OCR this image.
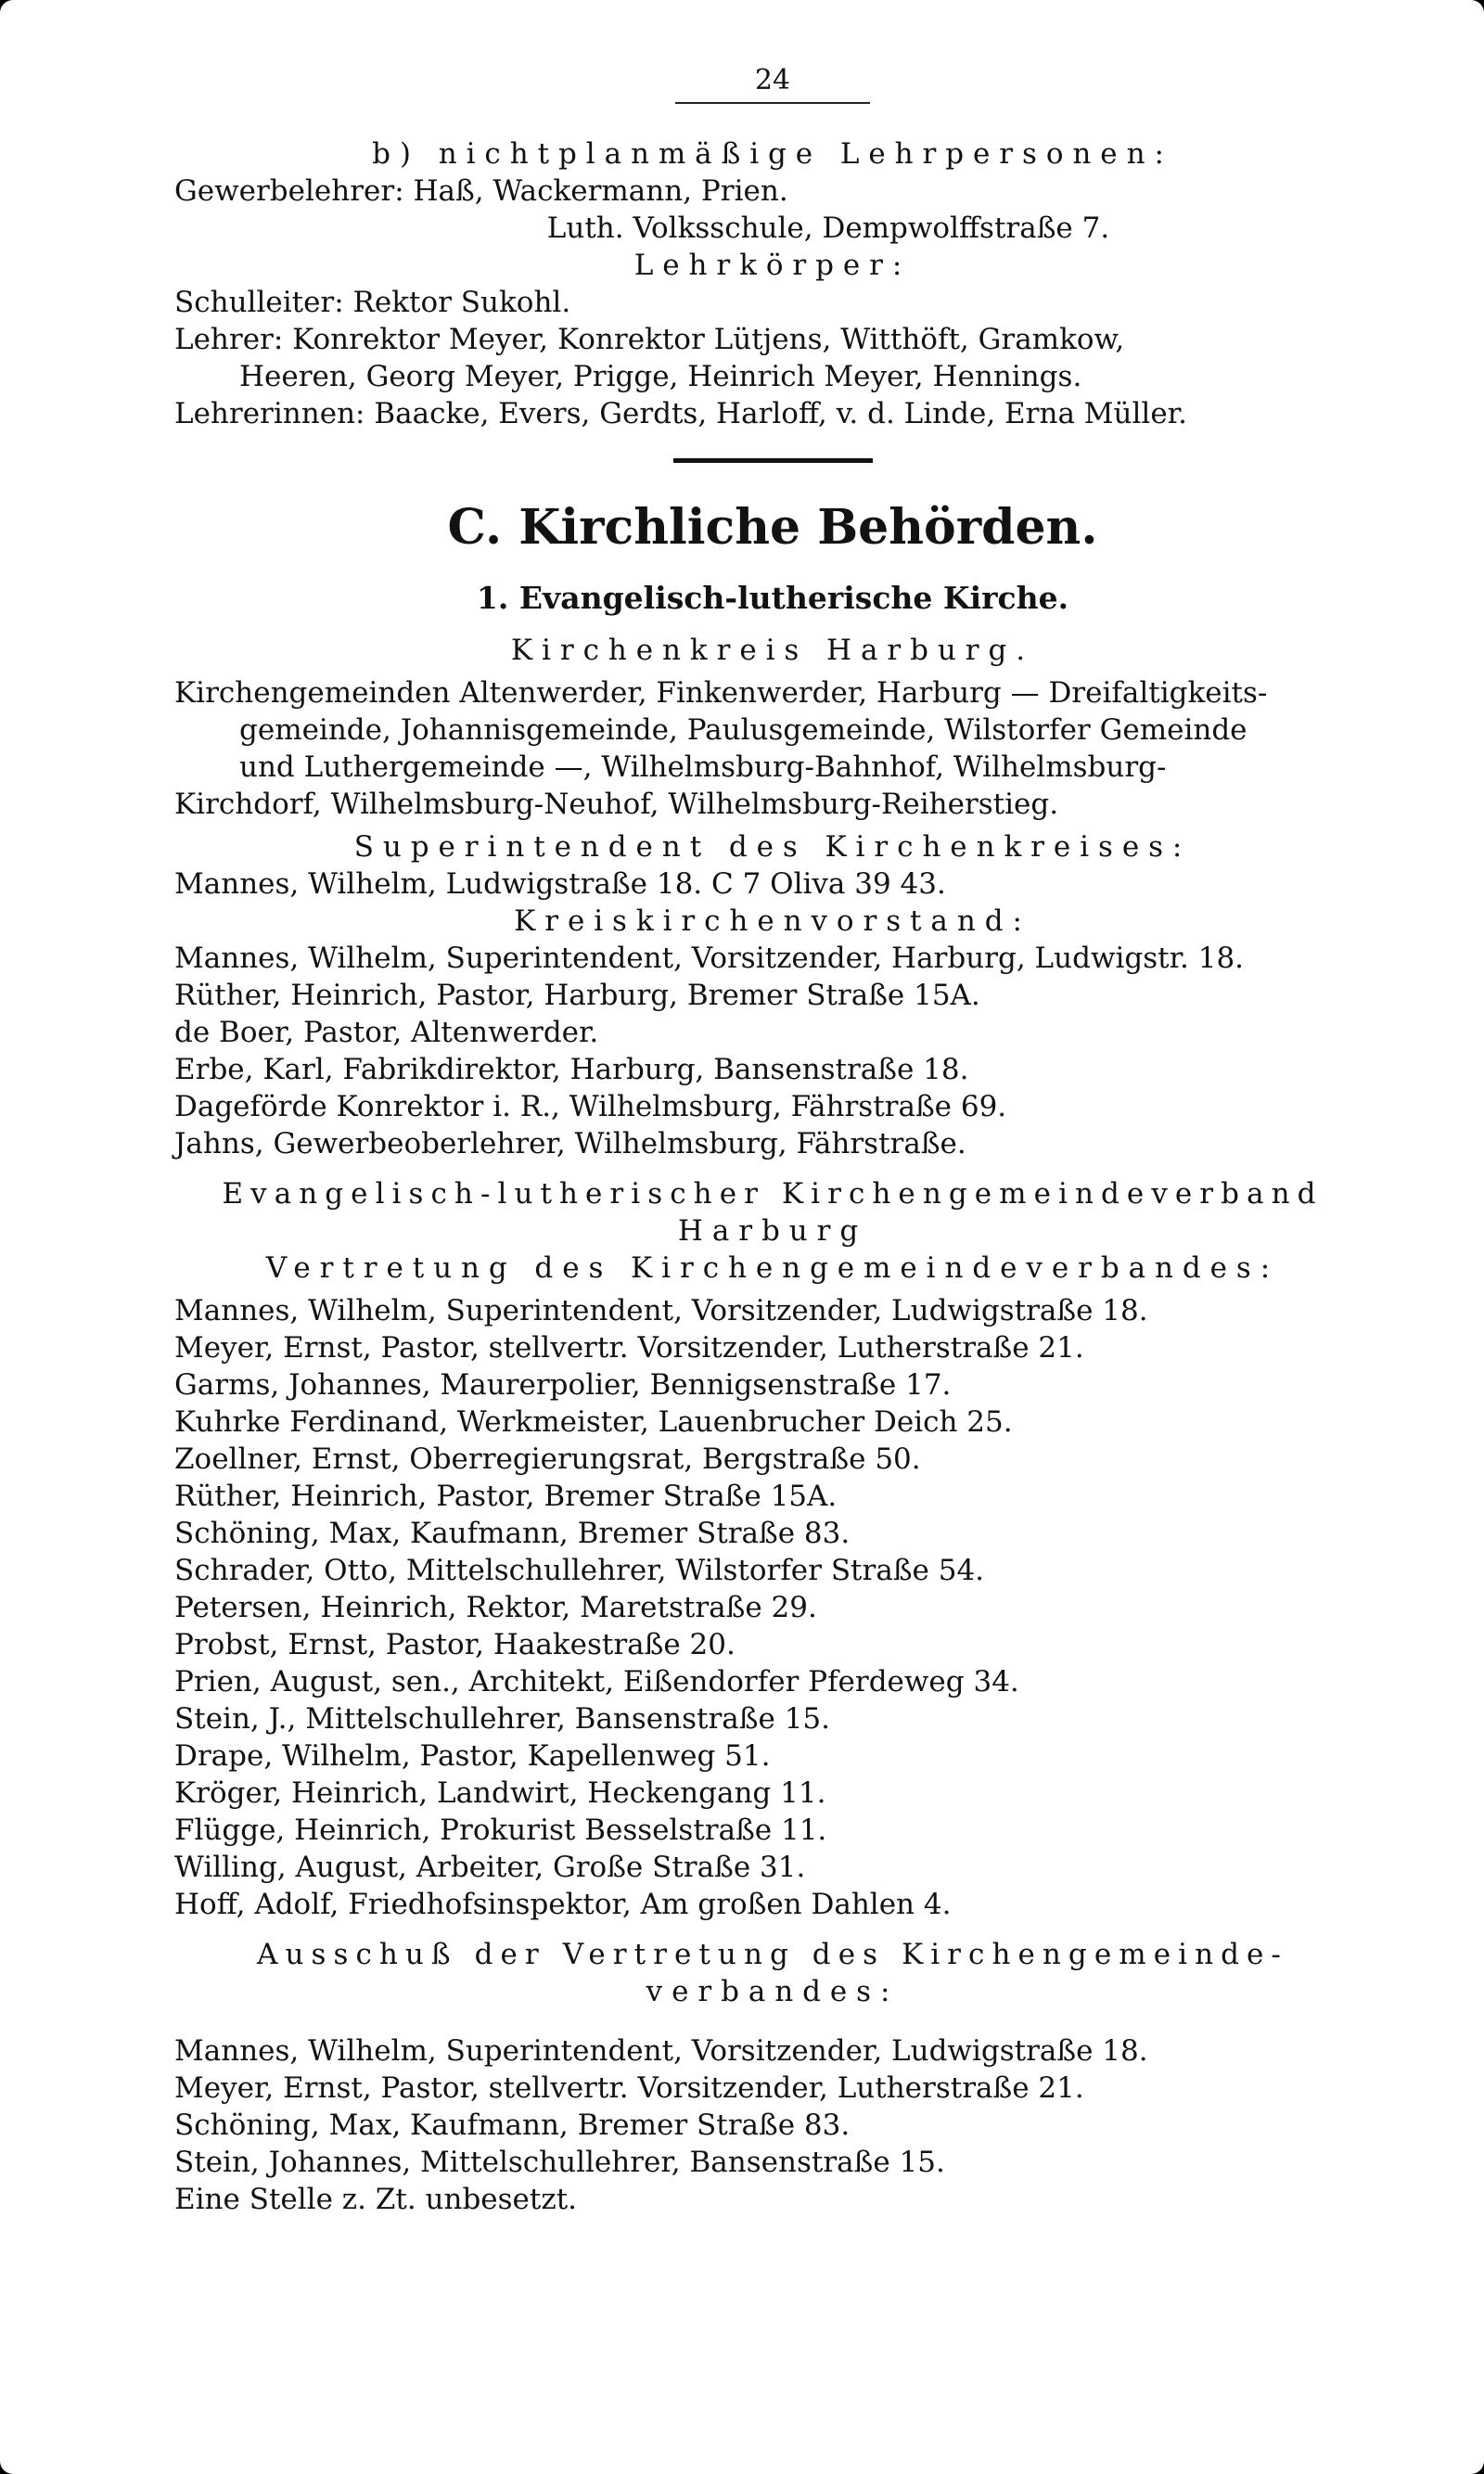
24
b) nichtplanmäßige Lehrpersonen:
Gewerbelehrer: Haß, Wackermann, Prien.
Luth. Volksschule, Dempwolffstraße 7.
Lehrkörper:
Schulleiter: Rektor Sukohl.
Lehrer: Konrektor Meyer, Konrektor Lütjens, Witthöft, Gramkow,
Heeren, Georg Meyer, Prigge, Heinrich Meyer, Hennings.
Lehrerinnen: Baacke, Evers, Gerdts, Harloff, v. d. Linde, Erna Müller.
C. Kirchliche Behörden.
1. Evangelisch-lutherische Kirche.
Kirchenkreis Harburg.
Kirchengemeinden Altenwerder, Finkenwerder, Harburg — Dreifaltigkeits-
gemeinde, Johannisgemeinde, Paulusgemeinde, Wilstorfer Gemeinde
und Luthergemeinde —, Wilhelmsburg-Bahnhof, Wilhelmsburg-
Kirchdorf, Wilhelmsburg-Neuhof, Wilhelmsburg-Reiherstieg.
Superintendent des Kirchenkreises:
Mannes, Wilhelm, Ludwigstraße 18. C 7 Oliva 39 43.
Kreiskirchenvorstand:
Mannes, Wilhelm, Superintendent, Vorsitzender, Harburg, Ludwigstr. 18.
Rüther, Heinrich, Pastor, Harburg, Bremer Straße 15A.
de Boer, Pastor, Altenwerder.
Erbe, Karl, Fabrikdirektor, Harburg, Bansenstraße 18.
Dageförde Konrektor i. R., Wilhelmsburg, Fährstraße 69.
Jahns, Gewerbeoberlehrer, Wilhelmsburg, Fährstraße.
Evangelisch-lutherischer Kirchengemeindeverband
Harburg
Vertretung des Kirchengemeindeverbandes:
Mannes, Wilhelm, Superintendent, Vorsitzender, Ludwigstraße 18.
Meyer, Ernst, Pastor, stellvertr. Vorsitzender, Lutherstraße 21.
Garms, Johannes, Maurerpolier, Bennigsenstraße 17.
Kuhrke Ferdinand, Werkmeister, Lauenbrucher Deich 25.
Zoellner, Ernst, Oberregierungsrat, Bergstraße 50.
Rüther, Heinrich, Pastor, Bremer Straße 15A.
Schöning, Max, Kaufmann, Bremer Straße 83.
Schrader, Otto, Mittelschullehrer, Wilstorfer Straße 54.
Petersen, Heinrich, Rektor, Maretstraße 29.
Probst, Ernst, Pastor, Haakestraße 20.
Prien, August, sen., Architekt, Eißendorfer Pferdeweg 34.
Stein, J., Mittelschullehrer, Bansenstraße 15.
Drape, Wilhelm, Pastor, Kapellenweg 51.
Kröger, Heinrich, Landwirt, Heckengang 11.
Flügge, Heinrich, Prokurist Besselstraße 11.
Willing, August, Arbeiter, Große Straße 31.
Hoff, Adolf, Friedhofsinspektor, Am großen Dahlen 4.
Ausschuß der Vertretung des Kirchengemeinde-
verbandes:
Mannes, Wilhelm, Superintendent, Vorsitzender, Ludwigstraße 18.
Meyer, Ernst, Pastor, stellvertr. Vorsitzender, Lutherstraße 21.
Schöning, Max, Kaufmann, Bremer Straße 83.
Stein, Johannes, Mittelschullehrer, Bansenstraße 15.
Eine Stelle z. Zt. unbesetzt.
